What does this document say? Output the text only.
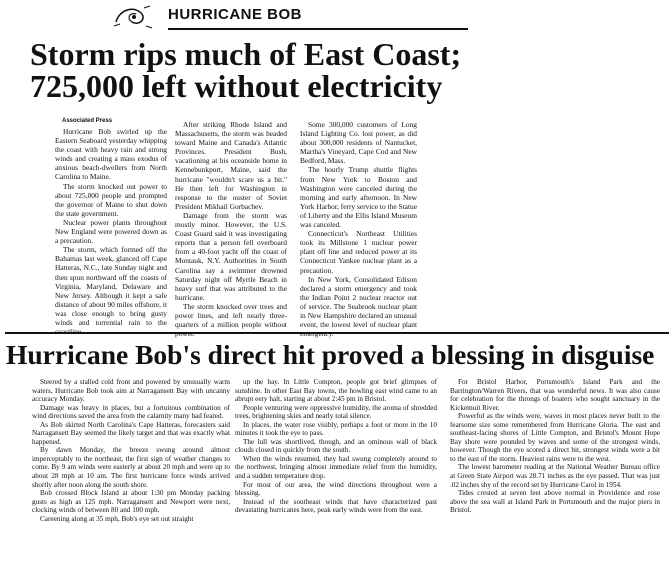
HURRICANE BOB
Storm rips much of East Coast;
725,000 left without electricity
Associated Press

Hurricane Bob swirled up the Eastern Seaboard yesterday whipping the coast with heavy rain and strong winds and creating a mass exodus of anxious beach-dwellers from North Carolina to Maine.

The storm knocked out power to about 725,000 people and prompted the governor of Maine to shut down the state government.

Nuclear power plants throughout New England were powered down as a precaution.

The storm, which formed off the Bahamas last week, glanced off Cape Hatteras, N.C., late Sunday night and then spun northward off the coasts of Virginia, Maryland, Delaware and New Jersey. Although it kept a safe distance of about 90 miles offshore, it was close enough to bring gusty winds and torrential rain to the

After striking Rhode Island and Massachusetts, the storm was headed toward Maine and Canada's Atlantic Provinces. President Bush, vacationing at his oceanside home in Kennebunkport, Maine, said the hurricane "wouldn't scare us a bit." He then left for Washington in response to the ouster of Soviet President Mikhail Gorbachev.

Damage from the storm was mostly minor. However, the U.S. Coast Guard said it was investigating reports that a person fell overboard from a 40-foot yacht off the coast of Montauk, N.Y. Authorities in South Carolina say a swimmer drowned Saturday night off Myrtle Beach in heavy surf that was attributed to the hurricane.

The storm knocked over trees and power lines, and left nearly three-quarters of a million people without

Some 300,000 customers of Long Island Lighting Co. lost power, as did about 300,000 residents of Nantucket, Martha's Vineyard, Cape Cod and New Bedford, Mass.

The hourly Trump shuttle flights from New York to Boston and Washington were canceled during the morning and early afternoon. In New York Harbor, ferry service to the Statue of Liberty and the Ellis Island Museum was canceled.

Connecticut's Northeast Utilities took its Millstone 1 nuclear power plant off line and reduced power at its Connecticut Yankee nuclear plant as a precaution.

In New York, Consolidated Edison declared a storm emergency and took the Indian Point 2 nuclear reactor out of service. The Seabrook nuclear plant in New Hampshire declared an unusual event, the lowest level of nuclear plant

Hurricane Bob's direct hit proved a blessing in disguise

Steered by a stalled cold front and powered by unusually warm waters, Hurricane Bob took aim at Narragansett Bay with uncanny accuracy Monday.

Damage was heavy in places, but a fortuitous combination of wind directions saved the area from the calamity many had feared.

As Bob skirted North Carolina's Cape Hatteras, forecasters said Narragansett Bay seemed the likely target and that was exactly what happened.

By dawn Monday, the breeze swung around almost imperceptably to the northeast, the first sign of weather changes to come. By 9 am winds were easterly at about 20 mph and were up to about 28 mph at 10 am. The first hurricane force winds arrived shortly after noon along the south shore.

Bob crossed Block Island at about 1:30 pm Monday packing gusts as high as 125 mph. Narragansett and Newport were next, clocking winds of between 80 and 100 mph.

Careening along at 35 mph, Bob's eye set out straight

up the bay. In Little Compton, people got brief glimpses of sunshine. In other East Bay towns, the howling east wind came to an abrupt eery halt, starting at about 2:45 pm in Bristol.

People venturing were oppressive humidity, the aroma of shredded trees, brightening skies and nearly total silence.

In places, the water rose visibly, perhaps a foot or more in the 10 minutes it took the eye to pass.

The lull was shortlived, though, and an ominous wall of black clouds closed in quickly from the south.

When the winds resumed, they had swung completely around to the northwest, bringing almost immediate relief from the humidity, and a sudden temperature drop.

For most of our area, the wind directions throughout were a blessing.

Instead of the southeast winds that have characterized past devastating hurricanes here, peak early winds were from the east.

For Bristol Harbor, Portsmouth's Island Park and the Barrington/Warren Rivers, that was wonderful news. It was also cause for celebration for the throngs of boaters who sought sanctuary in the Kickemuit River.

Powerful as the winds were, waves in most places never built to the fearsome size some remembered from Hurricane Gloria. The east and southeast-facing shores of Little Compton, and Bristol's Mount Hope Bay shore were pounded by waves and some of the strongest winds, however. Though the eye scored a direct hit, strongest winds were a bit to the east of the storm. Heaviest rains were to the west.

The lowest barometer reading at the National Weather Bureau office at Green State Airport was 28.71 inches as the eye passed. That was just .02 inches shy of the record set by Hurricane Carol in 1954.

Tides crested at seven feet above normal in Providence and rose above the sea wall at Island Park in Portsmouth and the major piers in Bristol.
